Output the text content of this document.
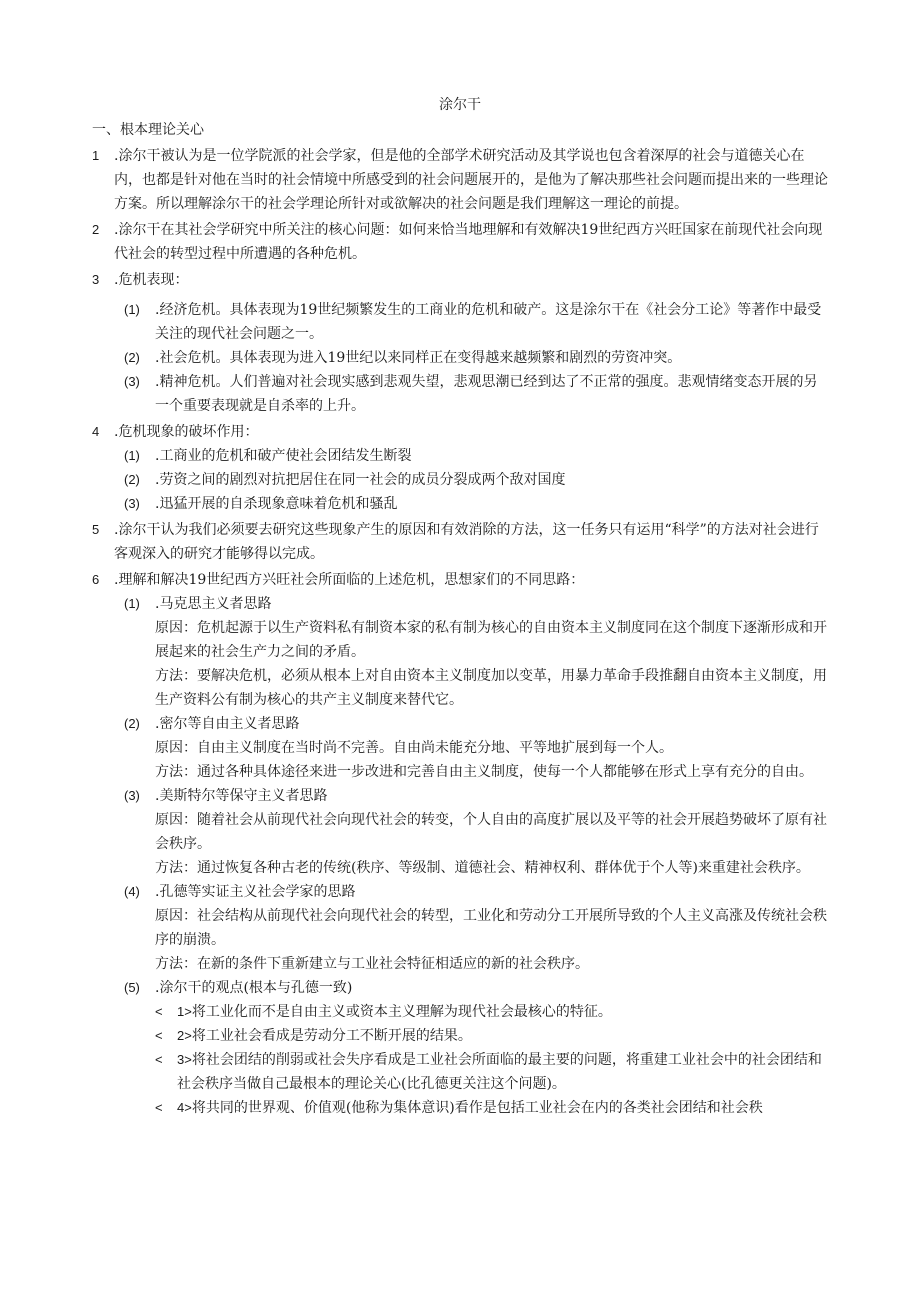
涂尔干
一、根本理论关心
1 .涂尔干被认为是一位学院派的社会学家，但是他的全部学术研究活动及其学说也包含着深厚的社会与道德关心在内，也都是针对他在当时的社会情境中所感受到的社会问题展开的，是他为了解决那些社会问题而提出来的一些理论方案。所以理解涂尔干的社会学理论所针对或欲解决的社会问题是我们理解这一理论的前提。
2 .涂尔干在其社会学研究中所关注的核心问题：如何来恰当地理解和有效解决19世纪西方兴旺国家在前现代社会向现代社会的转型过程中所遭遇的各种危机。
3 .危机表现：
(1) .经济危机。具体表现为19世纪频繁发生的工商业的危机和破产。这是涂尔干在《社会分工论》等著作中最受关注的现代社会问题之一。
(2) .社会危机。具体表现为进入19世纪以来同样正在变得越来越频繁和剧烈的劳资冲突。
(3) .精神危机。人们普遍对社会现实感到悲观失望，悲观思潮已经到达了不正常的强度。悲观情绪变态开展的另一个重要表现就是自杀率的上升。
4 .危机现象的破坏作用：
(1) .工商业的危机和破产使社会团结发生断裂
(2) .劳资之间的剧烈对抗把居住在同一社会的成员分裂成两个敌对国度
(3) .迅猛开展的自杀现象意味着危机和骚乱
5 .涂尔干认为我们必须要去研究这些现象产生的原因和有效消除的方法，这一任务只有运用“科学”的方法对社会进行客观深入的研究才能够得以完成。
6 .理解和解决19世纪西方兴旺社会所面临的上述危机，思想家们的不同思路：
(1) .马克思主义者思路
原因：危机起源于以生产资料私有制资本家的私有制为核心的自由资本主义制度同在这个制度下逐渐形成和开展起来的社会生产力之间的矛盾。
方法：要解决危机，必须从根本上对自由资本主义制度加以变革，用暴力革命手段推翻自由资本主义制度，用生产资料公有制为核心的共产主义制度来替代它。
(2) .密尔等自由主义者思路
原因：自由主义制度在当时尚不完善。自由尚未能充分地、平等地扩展到每一个人。
方法：通过各种具体途径来进一步改进和完善自由主义制度，使每一个人都能够在形式上享有充分的自由。
(3) .美斯特尔等保守主义者思路
原因：随着社会从前现代社会向现代社会的转变，个人自由的高度扩展以及平等的社会开展趋势破坏了原有社会秩序。
方法：通过恢复各种古老的传统(秩序、等级制、道德社会、精神权利、群体优于个人等)来重建社会秩序。
(4) .孔德等实证主义社会学家的思路
原因：社会结构从前现代社会向现代社会的转型，工业化和劳动分工开展所导致的个人主义高涨及传统社会秩序的崩溃。
方法：在新的条件下重新建立与工业社会特征相适应的新的社会秩序。
(5) .涂尔干的观点(根本与孔德一致)
< 1>将工业化而不是自由主义或资本主义理解为现代社会最核心的特征。
< 2>将工业社会看成是劳动分工不断开展的结果。
< 3>将社会团结的削弱或社会失序看成是工业社会所面临的最主要的问题，将重建工业社会中的社会团结和社会秩序当做自己最根本的理论关心(比孔德更关注这个问题)。
< 4>将共同的世界观、价值观(他称为集体意识)看作是包括工业社会在内的各类社会团结和社会秩
